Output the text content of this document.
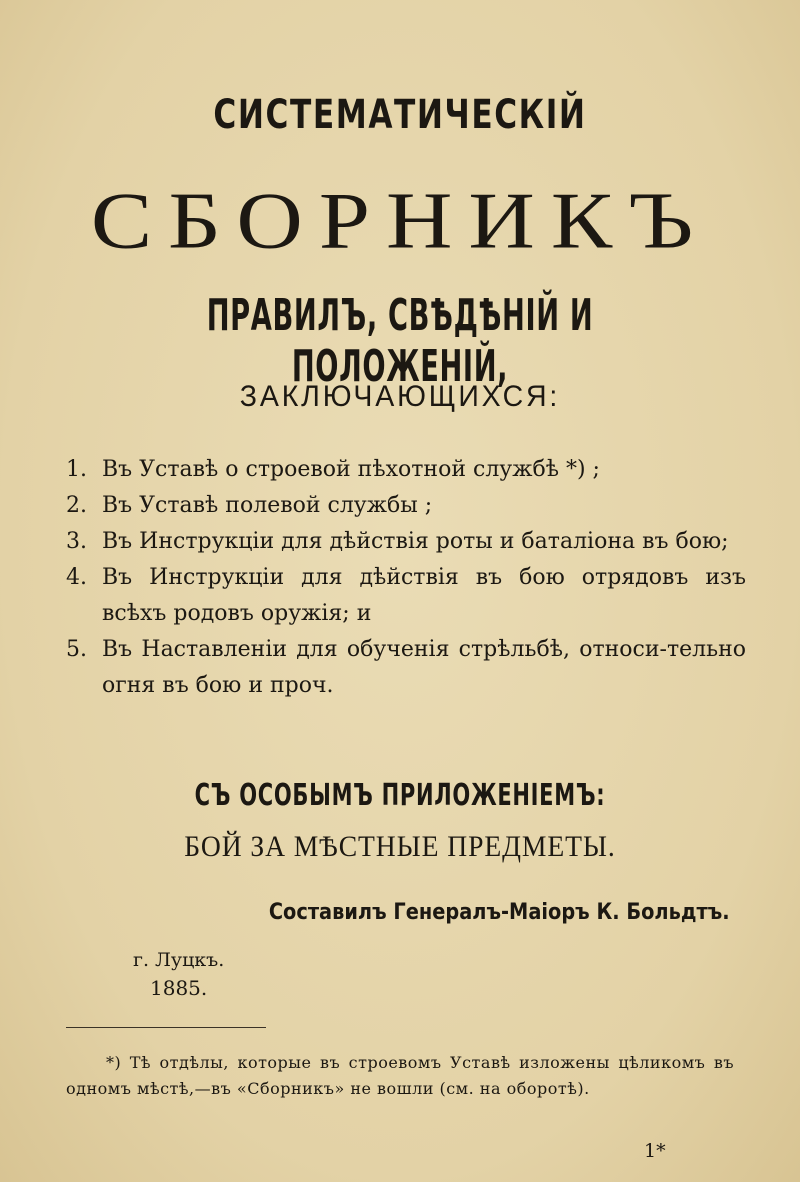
СИСТЕМАТИЧЕСКІЙ
СБОРНИКЪ
ПРАВИЛЪ, СВѢДѢНІЙ И ПОЛОЖЕНІЙ,
ЗАКЛЮЧАЮЩИХСЯ:
1. Въ Уставѣ о строевой пѣхотной службѣ *) ;
2. Въ Уставѣ полевой службы ;
3. Въ Инструкціи для дѣйствія роты и баталіона въ бою;
4. Въ Инструкціи для дѣйствія въ бою отрядовъ изъ всѣхъ родовъ оружія; и
5. Въ Наставленіи для обученія стрѣльбѣ, относи-тельно огня въ бою и проч.
СЪ ОСОБЫМЪ ПРИЛОЖЕНІЕМЪ:
БОЙ ЗА МѢСТНЫЕ ПРЕДМЕТЫ.
Составилъ Генералъ-Маіоръ К. Больдтъ.
г. Луцкъ.
1885.
*) Тѣ отдѣлы, которые въ строевомъ Уставѣ изложены цѣликомъ въ одномъ мѣстѣ,—въ «Сборникъ» не вошли (см. на оборотѣ).
1*
